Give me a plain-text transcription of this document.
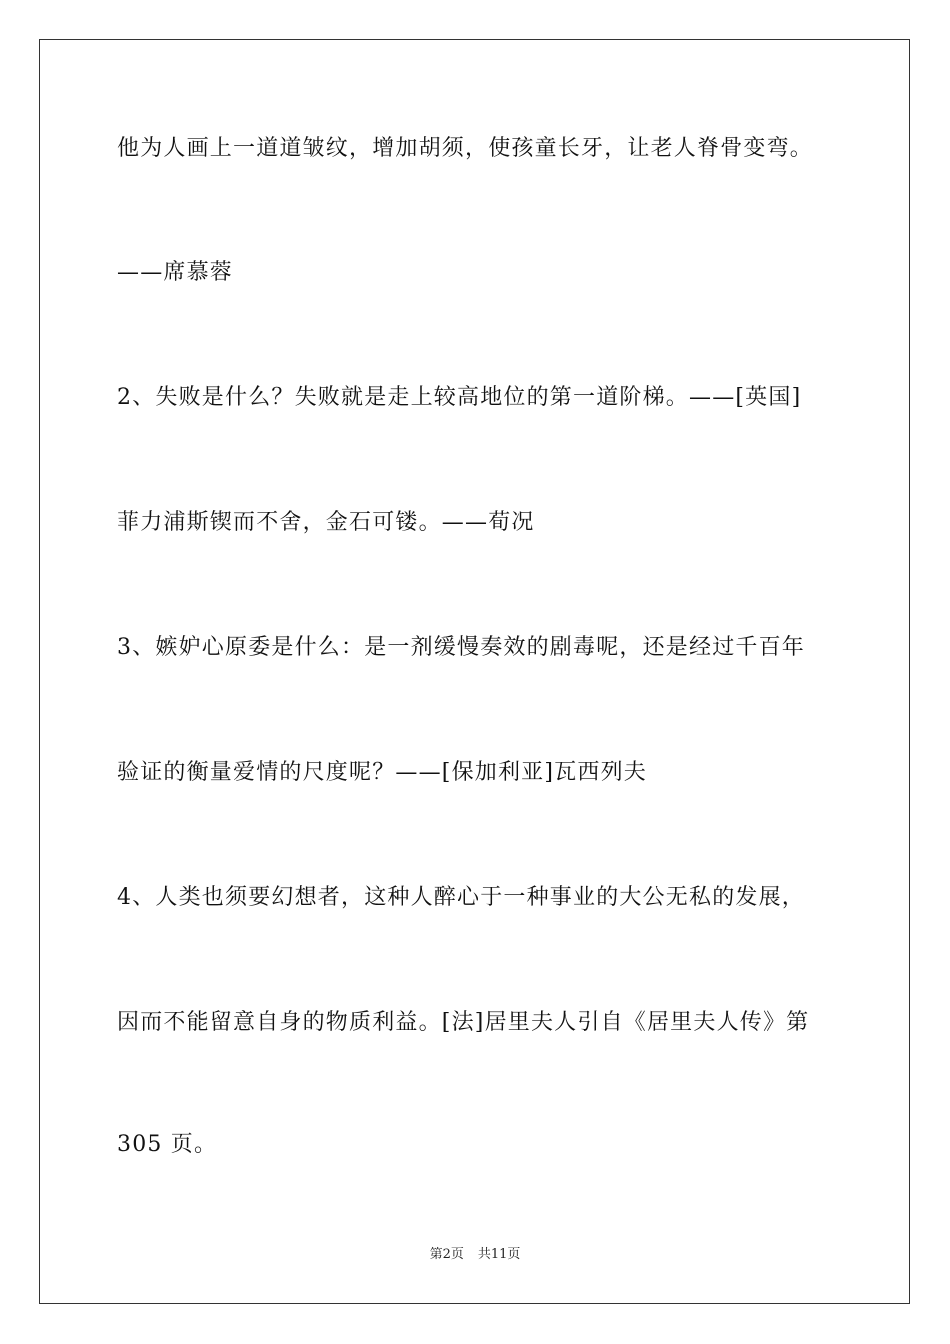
他为人画上一道道皱纹，增加胡须，使孩童长牙，让老人脊骨变弯。
——席慕蓉
2、失败是什么？失败就是走上较高地位的第一道阶梯。——[英国]
菲力浦斯锲而不舍，金石可镂。——荀况
3、嫉妒心原委是什么：是一剂缓慢奏效的剧毒呢，还是经过千百年
验证的衡量爱情的尺度呢？——[保加利亚]瓦西列夫
4、人类也须要幻想者，这种人醉心于一种事业的大公无私的发展，
因而不能留意自身的物质利益。[法]居里夫人引自《居里夫人传》第
305 页。
第2页 共11页
